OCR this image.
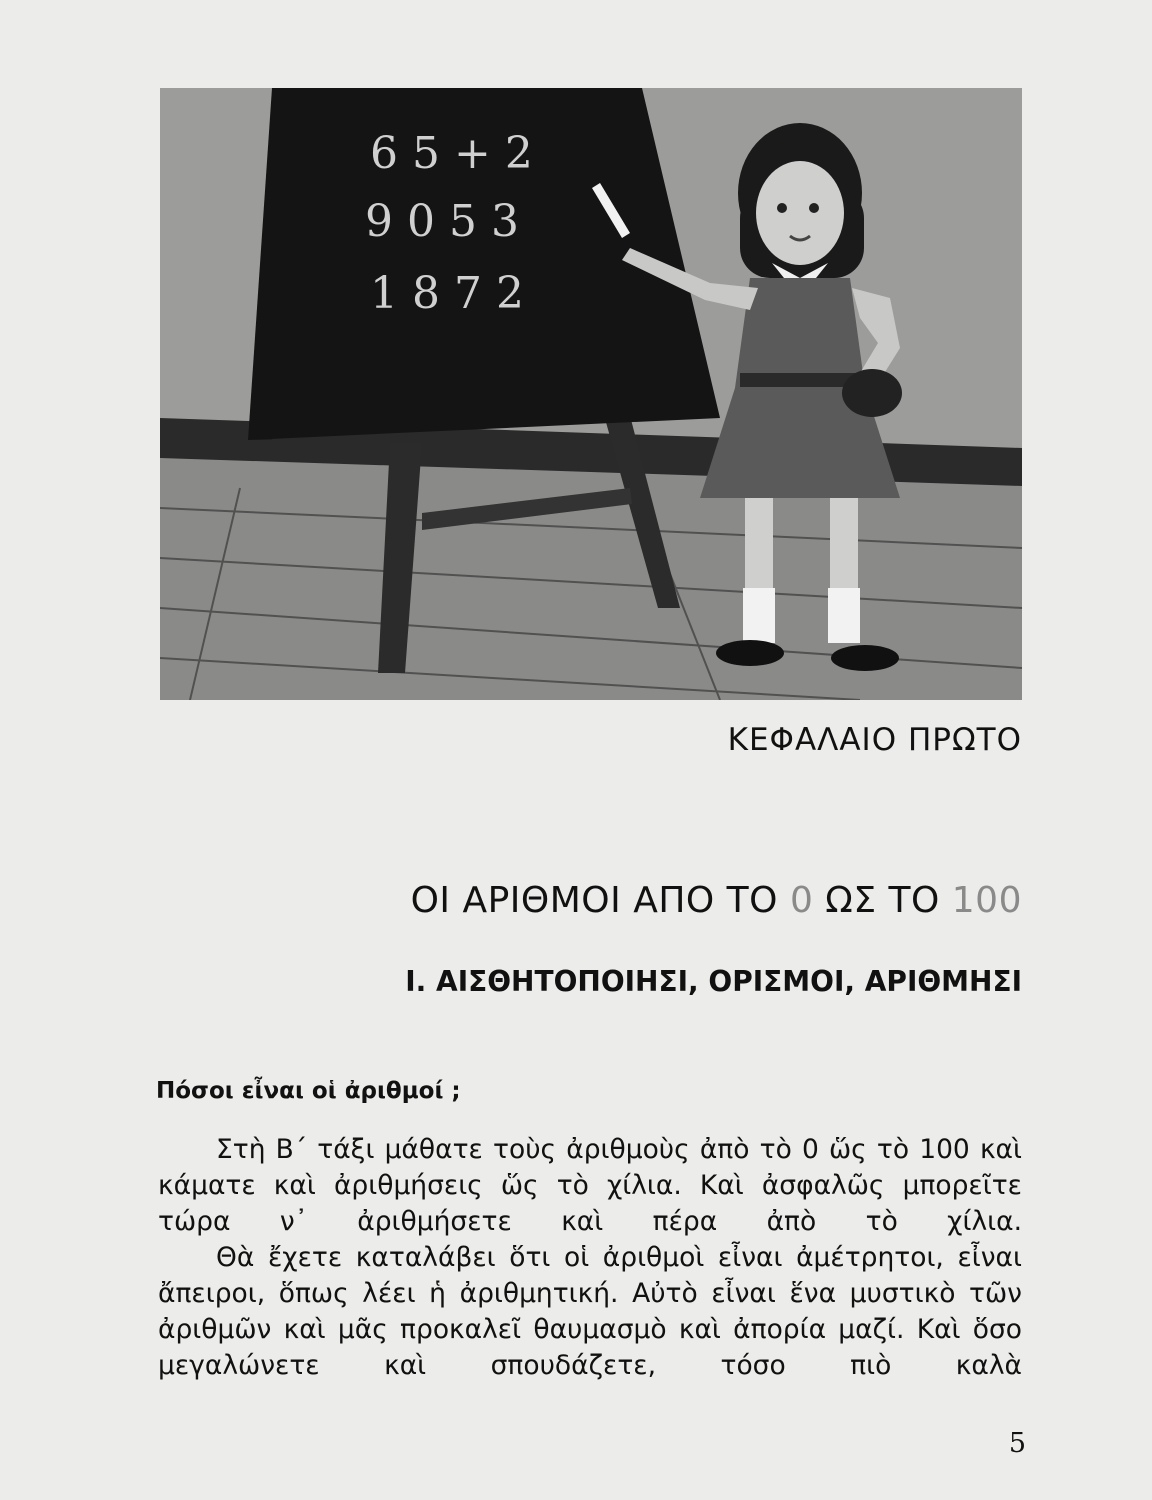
6 5 + 2
9 0 5 3
1 8 7 2
ΚΕΦΑΛΑΙΟ ΠΡΩΤΟ
ΟΙ ΑΡΙΘΜΟΙ ΑΠΟ ΤΟ 0 ΩΣ ΤΟ 100
Ι. ΑΙΣΘΗΤΟΠΟΙΗΣΙ, ΟΡΙΣΜΟΙ, ΑΡΙΘΜΗΣΙ
Πόσοι εἶναι οἱ ἀριθμοί ;

Στὴ Β΄ τάξι μάθατε τοὺς ἀριθμοὺς ἀπὸ τὸ 0 ὥς τὸ 100 καὶ κάματε καὶ ἀριθμήσεις ὥς τὸ χίλια. Καὶ ἀσφαλῶς μπορεῖτε τώρα ν᾽ ἀριθμήσετε καὶ πέρα ἀπὸ τὸ χίλια.

Θὰ ἔχετε καταλάβει ὅτι οἱ ἀριθμοὶ εἶναι ἀμέτρητοι, εἶναι ἄπειροι, ὅπως λέει ἡ ἀριθμητική. Αὐτὸ εἶναι ἕνα μυστικὸ τῶν ἀριθμῶν καὶ μᾶς προκαλεῖ θαυμασμὸ καὶ ἀπορία μαζί. Καὶ ὅσο μεγαλώνετε καὶ σπουδάζετε, τόσο πιὸ καλὰ

5
